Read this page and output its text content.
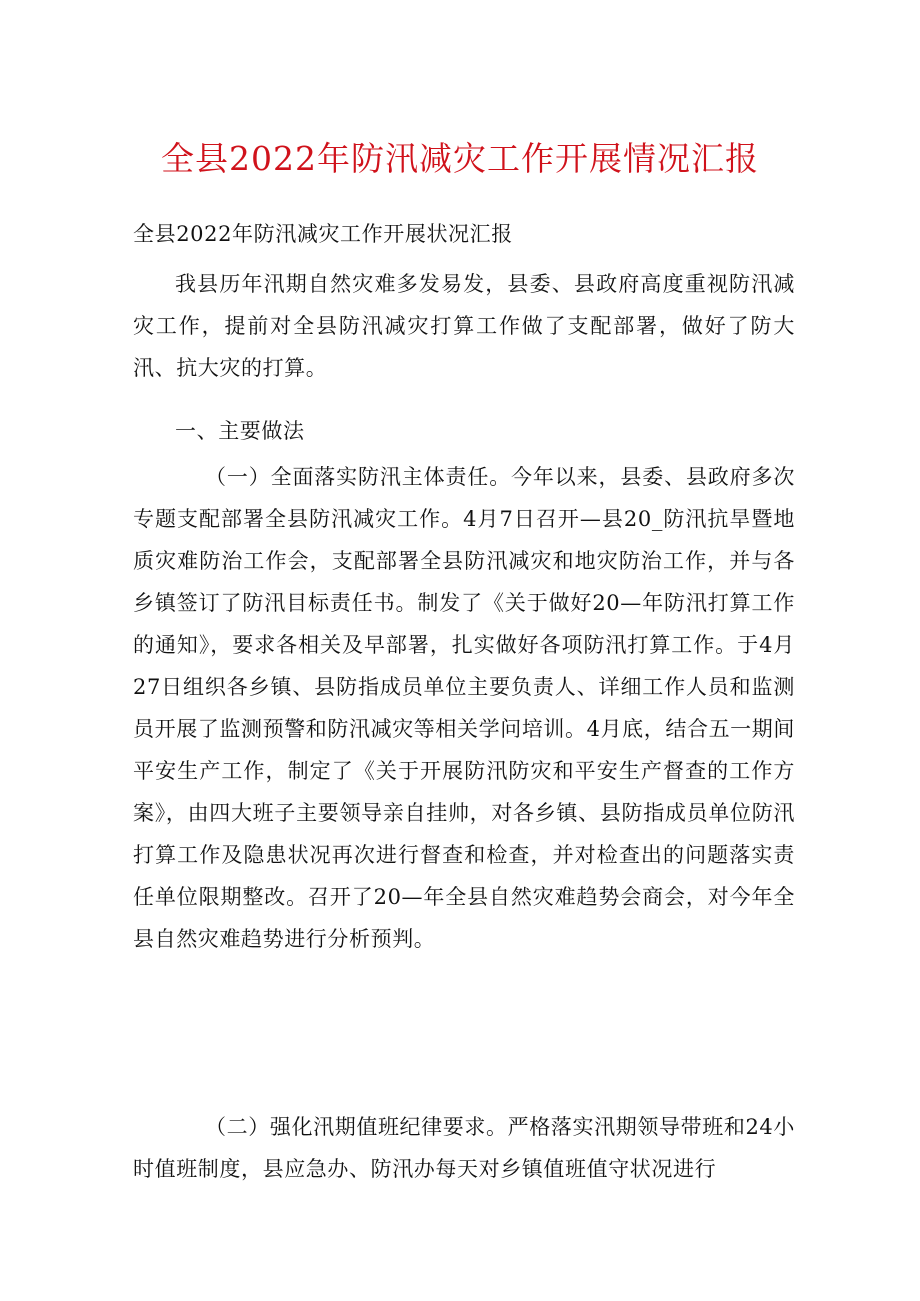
全县2022年防汛减灾工作开展情况汇报
全县2022年防汛减灾工作开展状况汇报

我县历年汛期自然灾难多发易发，县委、县政府高度重视防汛减灾工作，提前对全县防汛减灾打算工作做了支配部署，做好了防大汛、抗大灾的打算。

一、主要做法

（一）全面落实防汛主体责任。今年以来，县委、县政府多次专题支配部署全县防汛减灾工作。4月7日召开—县20_防汛抗旱暨地质灾难防治工作会，支配部署全县防汛减灾和地灾防治工作，并与各乡镇签订了防汛目标责任书。制发了《关于做好20—年防汛打算工作的通知》，要求各相关及早部署，扎实做好各项防汛打算工作。于4月27日组织各乡镇、县防指成员单位主要负责人、详细工作人员和监测员开展了监测预警和防汛减灾等相关学问培训。4月底，结合五一期间平安生产工作，制定了《关于开展防汛防灾和平安生产督查的工作方案》，由四大班子主要领导亲自挂帅，对各乡镇、县防指成员单位防汛打算工作及隐患状况再次进行督查和检查，并对检查出的问题落实责任单位限期整改。召开了20—年全县自然灾难趋势会商会，对今年全县自然灾难趋势进行分析预判。

（二）强化汛期值班纪律要求。严格落实汛期领导带班和24小时值班制度，县应急办、防汛办每天对乡镇值班值守状况进行
